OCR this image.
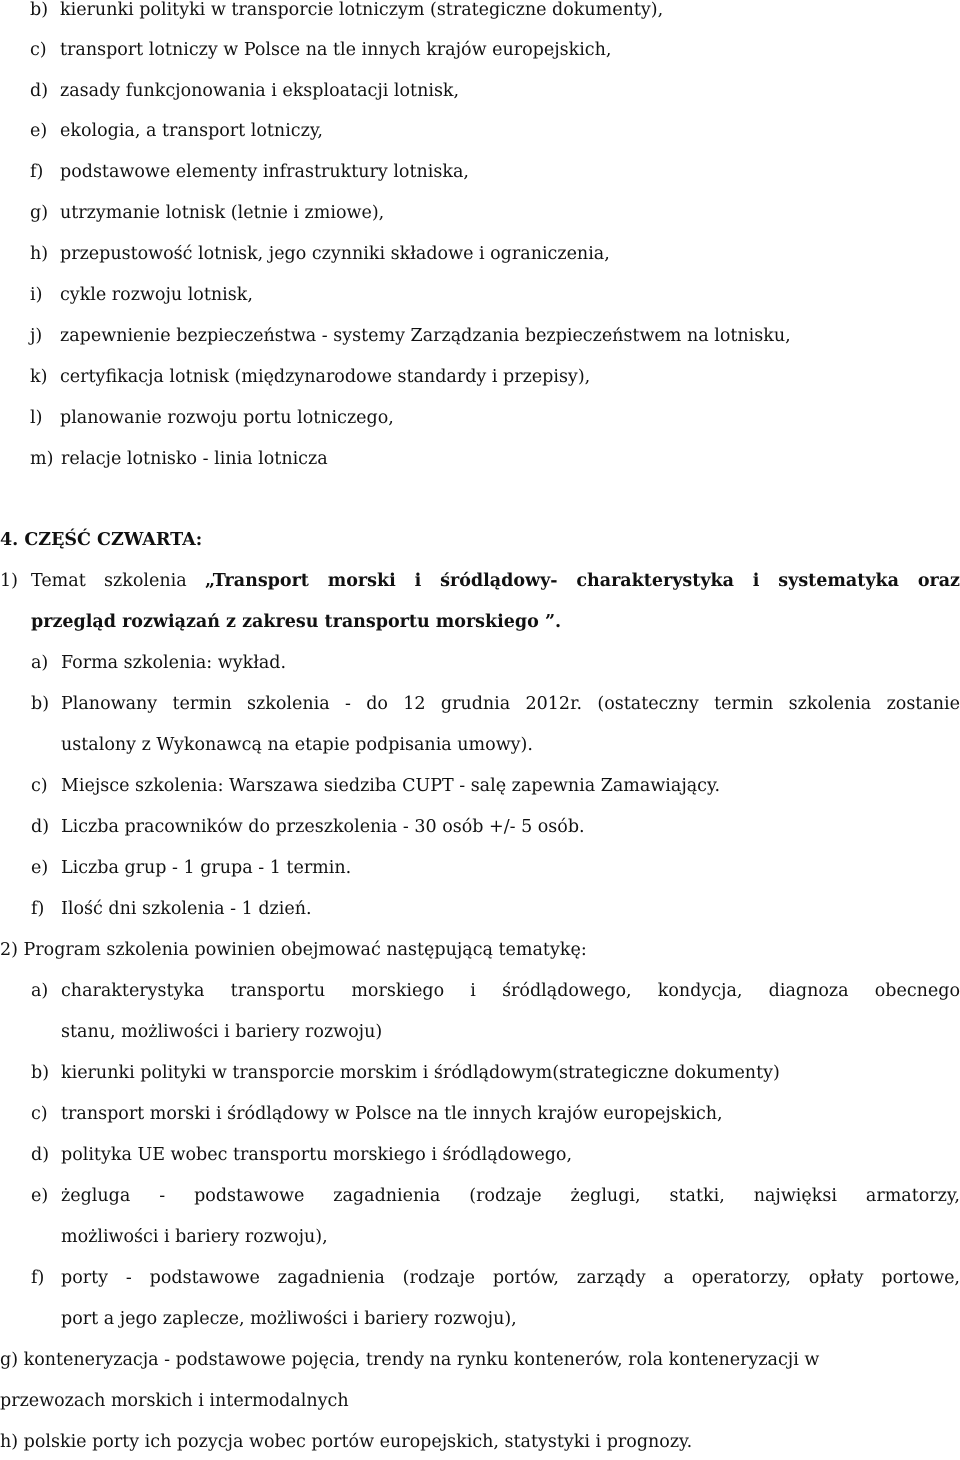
b) kierunki polityki w transporcie lotniczym (strategiczne dokumenty),
c) transport lotniczy w Polsce na tle innych krajów europejskich,
d) zasady funkcjonowania i eksploatacji lotnisk,
e) ekologia, a transport lotniczy,
f) podstawowe elementy infrastruktury lotniska,
g) utrzymanie lotnisk (letnie i zmiowe),
h) przepustowość lotnisk, jego czynniki składowe i ograniczenia,
i)	cykle rozwoju lotnisk,
j)	zapewnienie bezpieczeństwa - systemy Zarządzania bezpieczeństwem na lotnisku,
k) certyfikacja lotnisk (międzynarodowe standardy i przepisy),
l)	planowanie rozwoju portu lotniczego,
m) relacje lotnisko - linia lotnicza
4. CZĘŚĆ CZWARTA:
1) Temat szkolenia „Transport morski i śródlądowy- charakterystyka i systematyka oraz
przegląd rozwiązań z zakresu transportu morskiego ”.
a) Forma szkolenia: wykład.
b) Planowany termin szkolenia - do 12 grudnia 2012r. (ostateczny termin szkolenia zostanie
ustalony z Wykonawcą na etapie podpisania umowy).
c) Miejsce szkolenia: Warszawa siedziba CUPT - salę zapewnia Zamawiający.
d) Liczba pracowników do przeszkolenia - 30 osób +/- 5 osób.
e) Liczba grup - 1 grupa - 1 termin.
f) Ilość dni szkolenia - 1 dzień.
2) Program szkolenia powinien obejmować następującą tematykę:
a) charakterystyka transportu morskiego i śródlądowego, kondycja, diagnoza obecnego
stanu, możliwości i bariery rozwoju)
b) kierunki polityki w transporcie morskim i śródlądowym(strategiczne dokumenty)
c) transport morski i śródlądowy w Polsce na tle innych krajów europejskich,
d) polityka UE wobec transportu morskiego i śródlądowego,
e) żegluga - podstawowe zagadnienia (rodzaje żeglugi, statki, najwięksi armatorzy,
możliwości i bariery rozwoju),
f) porty - podstawowe zagadnienia (rodzaje portów, zarządy a operatorzy, opłaty portowe,
port a jego zaplecze, możliwości i bariery rozwoju),
g) konteneryzacja - podstawowe pojęcia, trendy na rynku kontenerów, rola konteneryzacji w
przewozach morskich i intermodalnych
h) polskie porty ich pozycja wobec portów europejskich, statystyki i prognozy.
